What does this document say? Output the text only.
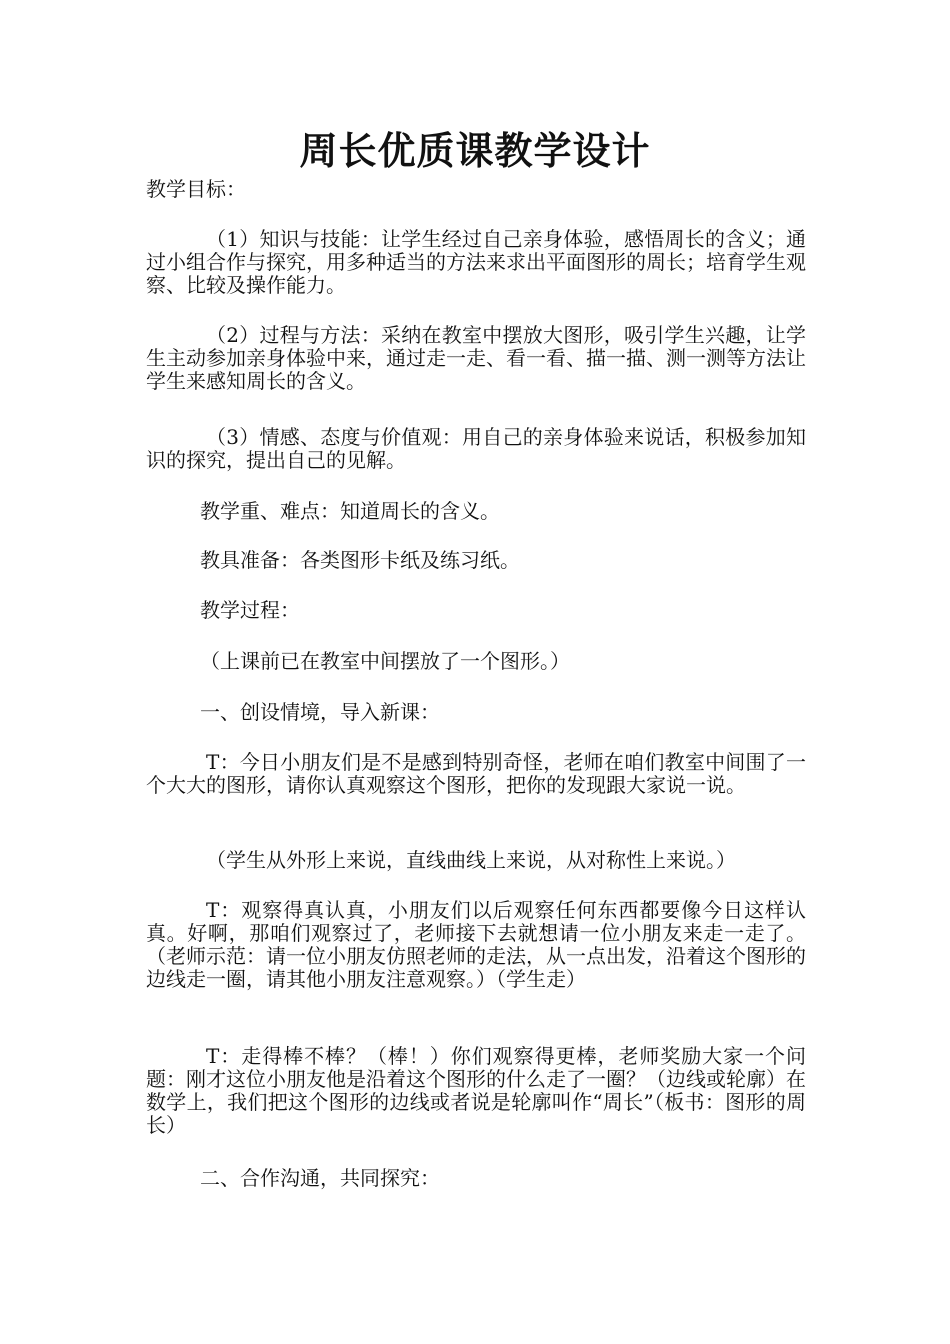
周长优质课教学设计

教学目标：

（1）知识与技能：让学生经过自己亲身体验，感悟周长的含义；通过小组合作与探究，用多种适当的方法来求出平面图形的周长；培育学生观察、比较及操作能力。

（2）过程与方法：采纳在教室中摆放大图形，吸引学生兴趣，让学生主动参加亲身体验中来，通过走一走、看一看、描一描、测一测等方法让学生来感知周长的含义。

（3）情感、态度与价值观：用自己的亲身体验来说话，积极参加知识的探究，提出自己的见解。

教学重、难点：知道周长的含义。

教具准备：各类图形卡纸及练习纸。

教学过程：

（上课前已在教室中间摆放了一个图形。）

一、创设情境，导入新课：

T：今日小朋友们是不是感到特别奇怪，老师在咱们教室中间围了一个大大的图形，请你认真观察这个图形，把你的发现跟大家说一说。

（学生从外形上来说，直线曲线上来说，从对称性上来说。）

T：观察得真认真，小朋友们以后观察任何东西都要像今日这样认真。好啊，那咱们观察过了，老师接下去就想请一位小朋友来走一走了。（老师示范：请一位小朋友仿照老师的走法，从一点出发，沿着这个图形的边线走一圈，请其他小朋友注意观察。）（学生走）

T：走得棒不棒？（棒！）你们观察得更棒，老师奖励大家一个问题：刚才这位小朋友他是沿着这个图形的什么走了一圈？（边线或轮廓）在数学上，我们把这个图形的边线或者说是轮廓叫作“周长”（板书：图形的周长）

二、合作沟通，共同探究：
